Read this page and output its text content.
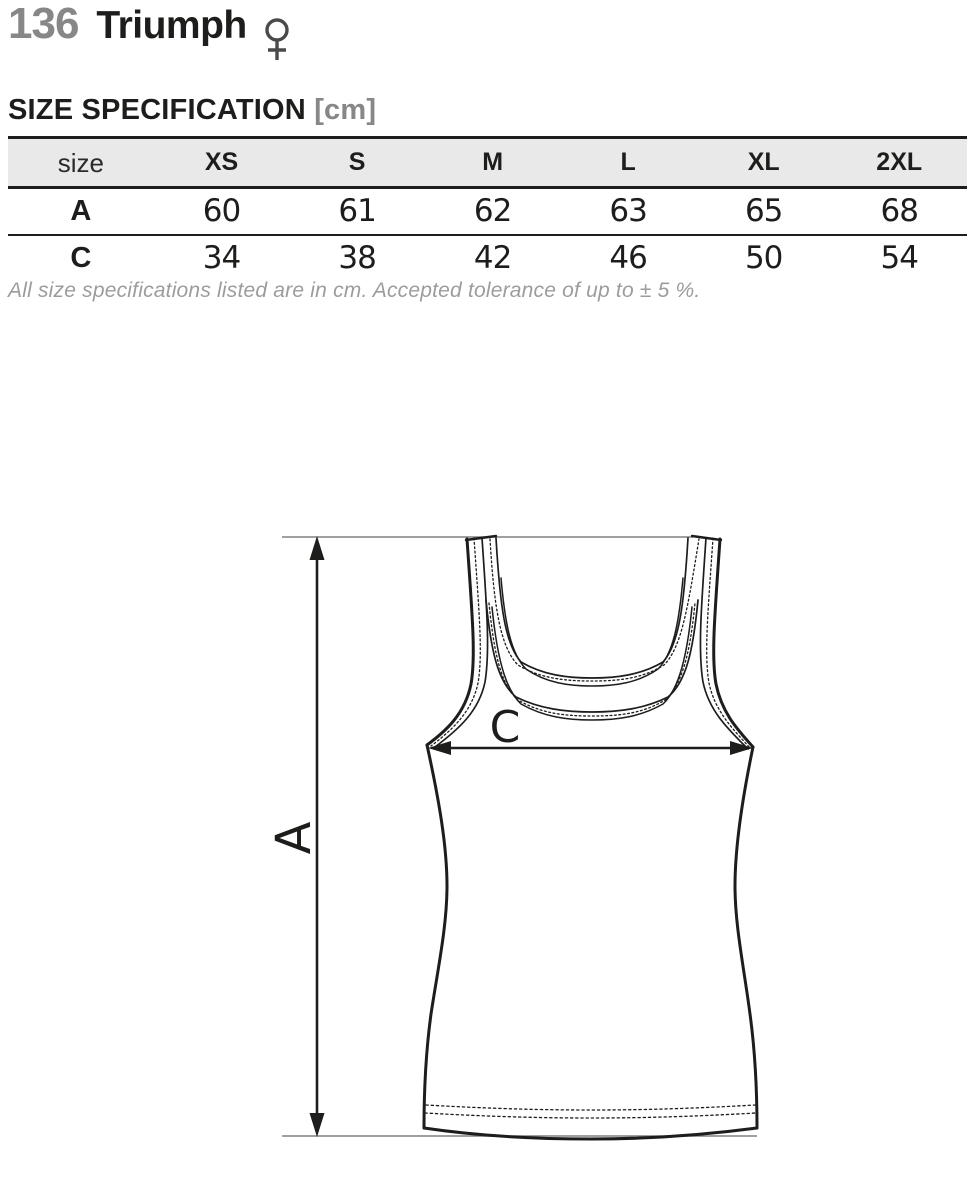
136 Triumph
SIZE SPECIFICATION [cm]
size	XS	S	M	L	XL	2XL
A	60	61	62	63	65	68
C	34	38	42	46	50	54
All size specifications listed are in cm. Accepted tolerance of up to ± 5 %.
A
C
